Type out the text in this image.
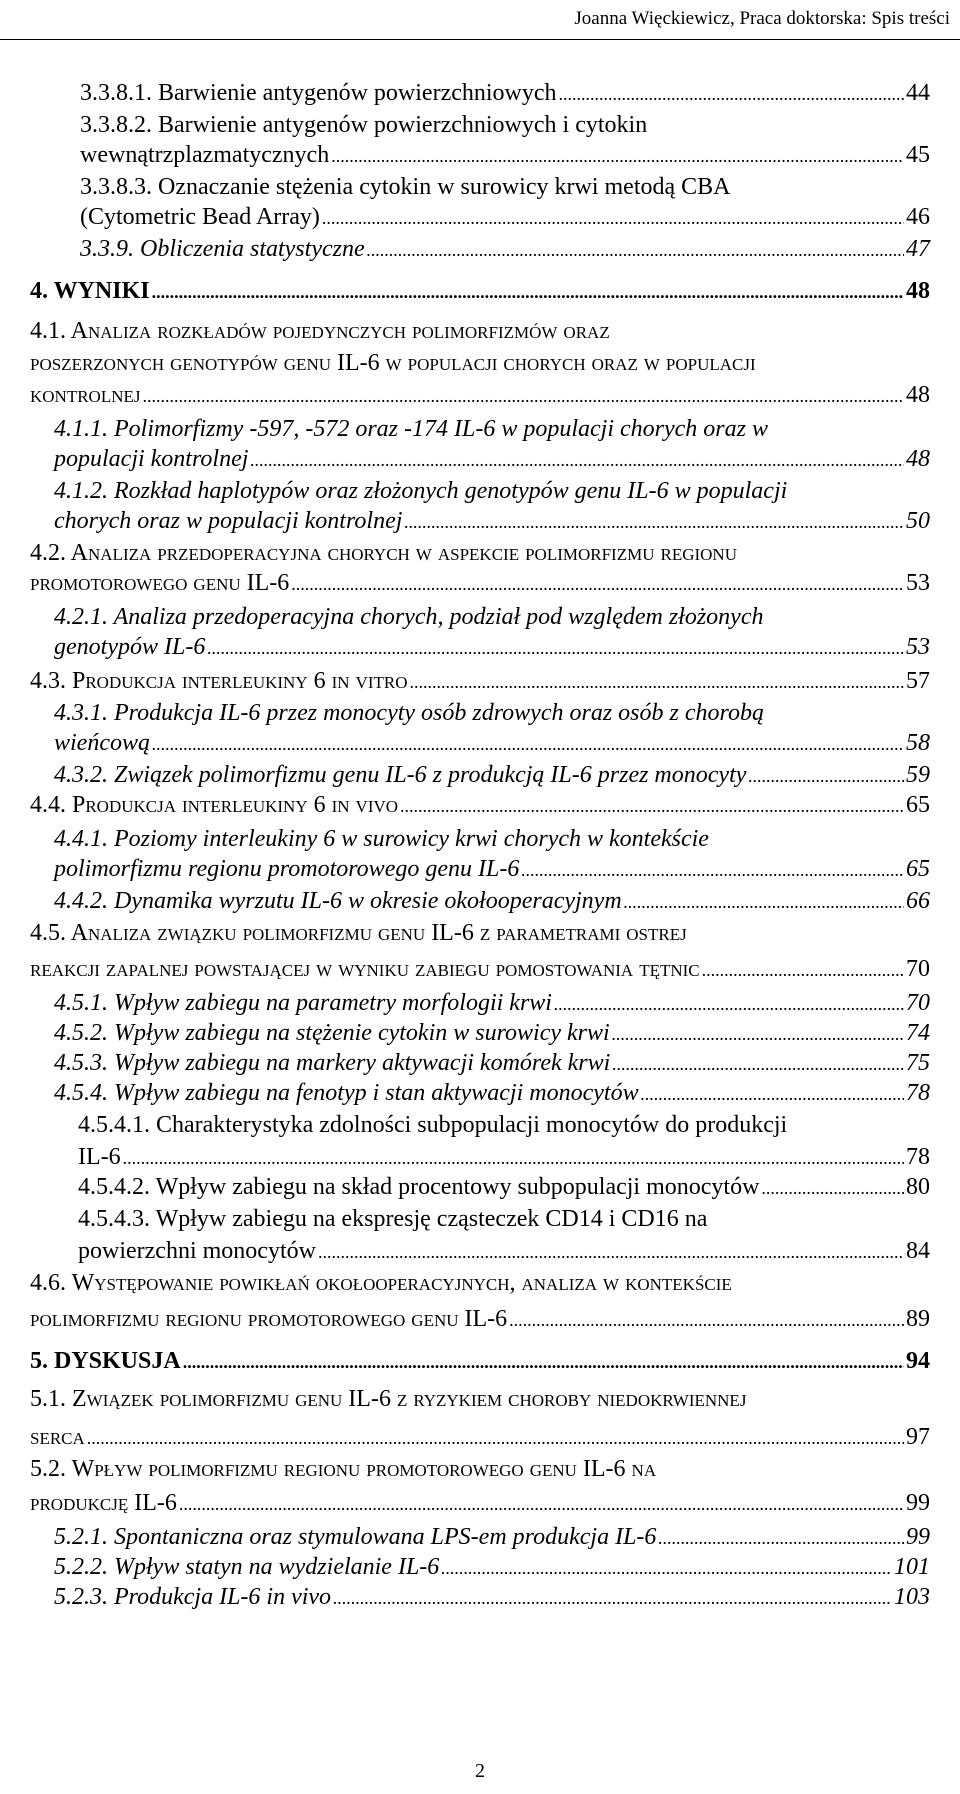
Joanna Więckiewicz, Praca doktorska: Spis treści
3.3.8.1. Barwienie antygenów powierzchniowych .....	44
3.3.8.2. Barwienie antygenów powierzchniowych i cytokin
wewnątrzplazmatycznych .....	45
3.3.8.3. Oznaczanie stężenia cytokin w surowicy krwi metodą CBA
(Cytometric Bead Array) .....	46
3.3.9. Obliczenia statystyczne .....	47
4. WYNIKI .....	48
4.1. Analiza rozkładów pojedynczych polimorfizmów oraz
poszerzonych genotypów genu IL-6 w populacji chorych oraz w populacji
kontrolnej .....	48
4.1.1. Polimorfizmy -597, -572 oraz -174 IL-6 w populacji chorych oraz w
populacji kontrolnej .....	48
4.1.2. Rozkład haplotypów oraz złożonych genotypów genu IL-6 w populacji
chorych oraz w populacji kontrolnej .....	50
4.2. Analiza przedoperacyjna chorych w aspekcie polimorfizmu regionu
promotorowego genu IL-6 .....	53
4.2.1. Analiza przedoperacyjna chorych, podział pod względem złożonych
genotypów IL-6 .....	53
4.3. Produkcja interleukiny 6 in vitro .....	57
4.3.1. Produkcja IL-6 przez monocyty osób zdrowych oraz osób z chorobą
wieńcową .....	58
4.3.2. Związek polimorfizmu genu IL-6 z produkcją IL-6 przez monocyty .....	59
4.4. Produkcja interleukiny 6 in vivo .....	65
4.4.1. Poziomy interleukiny 6 w surowicy krwi chorych w kontekście
polimorfizmu regionu promotorowego genu IL-6 .....	65
4.4.2. Dynamika wyrzutu IL-6 w okresie okołooperacyjnym .....	66
4.5. Analiza związku polimorfizmu genu IL-6 z parametrami ostrej
reakcji zapalnej powstającej w wyniku zabiegu pomostowania tętnic .....	70
4.5.1. Wpływ zabiegu na parametry morfologii krwi .....	70
4.5.2. Wpływ zabiegu na stężenie cytokin w surowicy krwi .....	74
4.5.3. Wpływ zabiegu na markery aktywacji komórek krwi .....	75
4.5.4. Wpływ zabiegu na fenotyp i stan aktywacji monocytów .....	78
4.5.4.1. Charakterystyka zdolności subpopulacji monocytów do produkcji
IL-6 .....	78
4.5.4.2. Wpływ zabiegu na skład procentowy subpopulacji monocytów .....	80
4.5.4.3. Wpływ zabiegu na ekspresję cząsteczek CD14 i CD16 na
powierzchni monocytów .....	84
4.6. Występowanie powikłań okołooperacyjnych, analiza w kontekście
polimorfizmu regionu promotorowego genu IL-6 .....	89
5. DYSKUSJA .....	94
5.1. Związek polimorfizmu genu IL-6 z ryzykiem choroby niedokrwiennej
serca .....	97
5.2. Wpływ polimorfizmu regionu promotorowego genu IL-6 na
produkcję IL-6 .....	99
5.2.1. Spontaniczna oraz stymulowana LPS-em produkcja IL-6 .....	99
5.2.2. Wpływ statyn na wydzielanie IL-6 .....	101
5.2.3. Produkcja IL-6 in vivo .....	103
2
